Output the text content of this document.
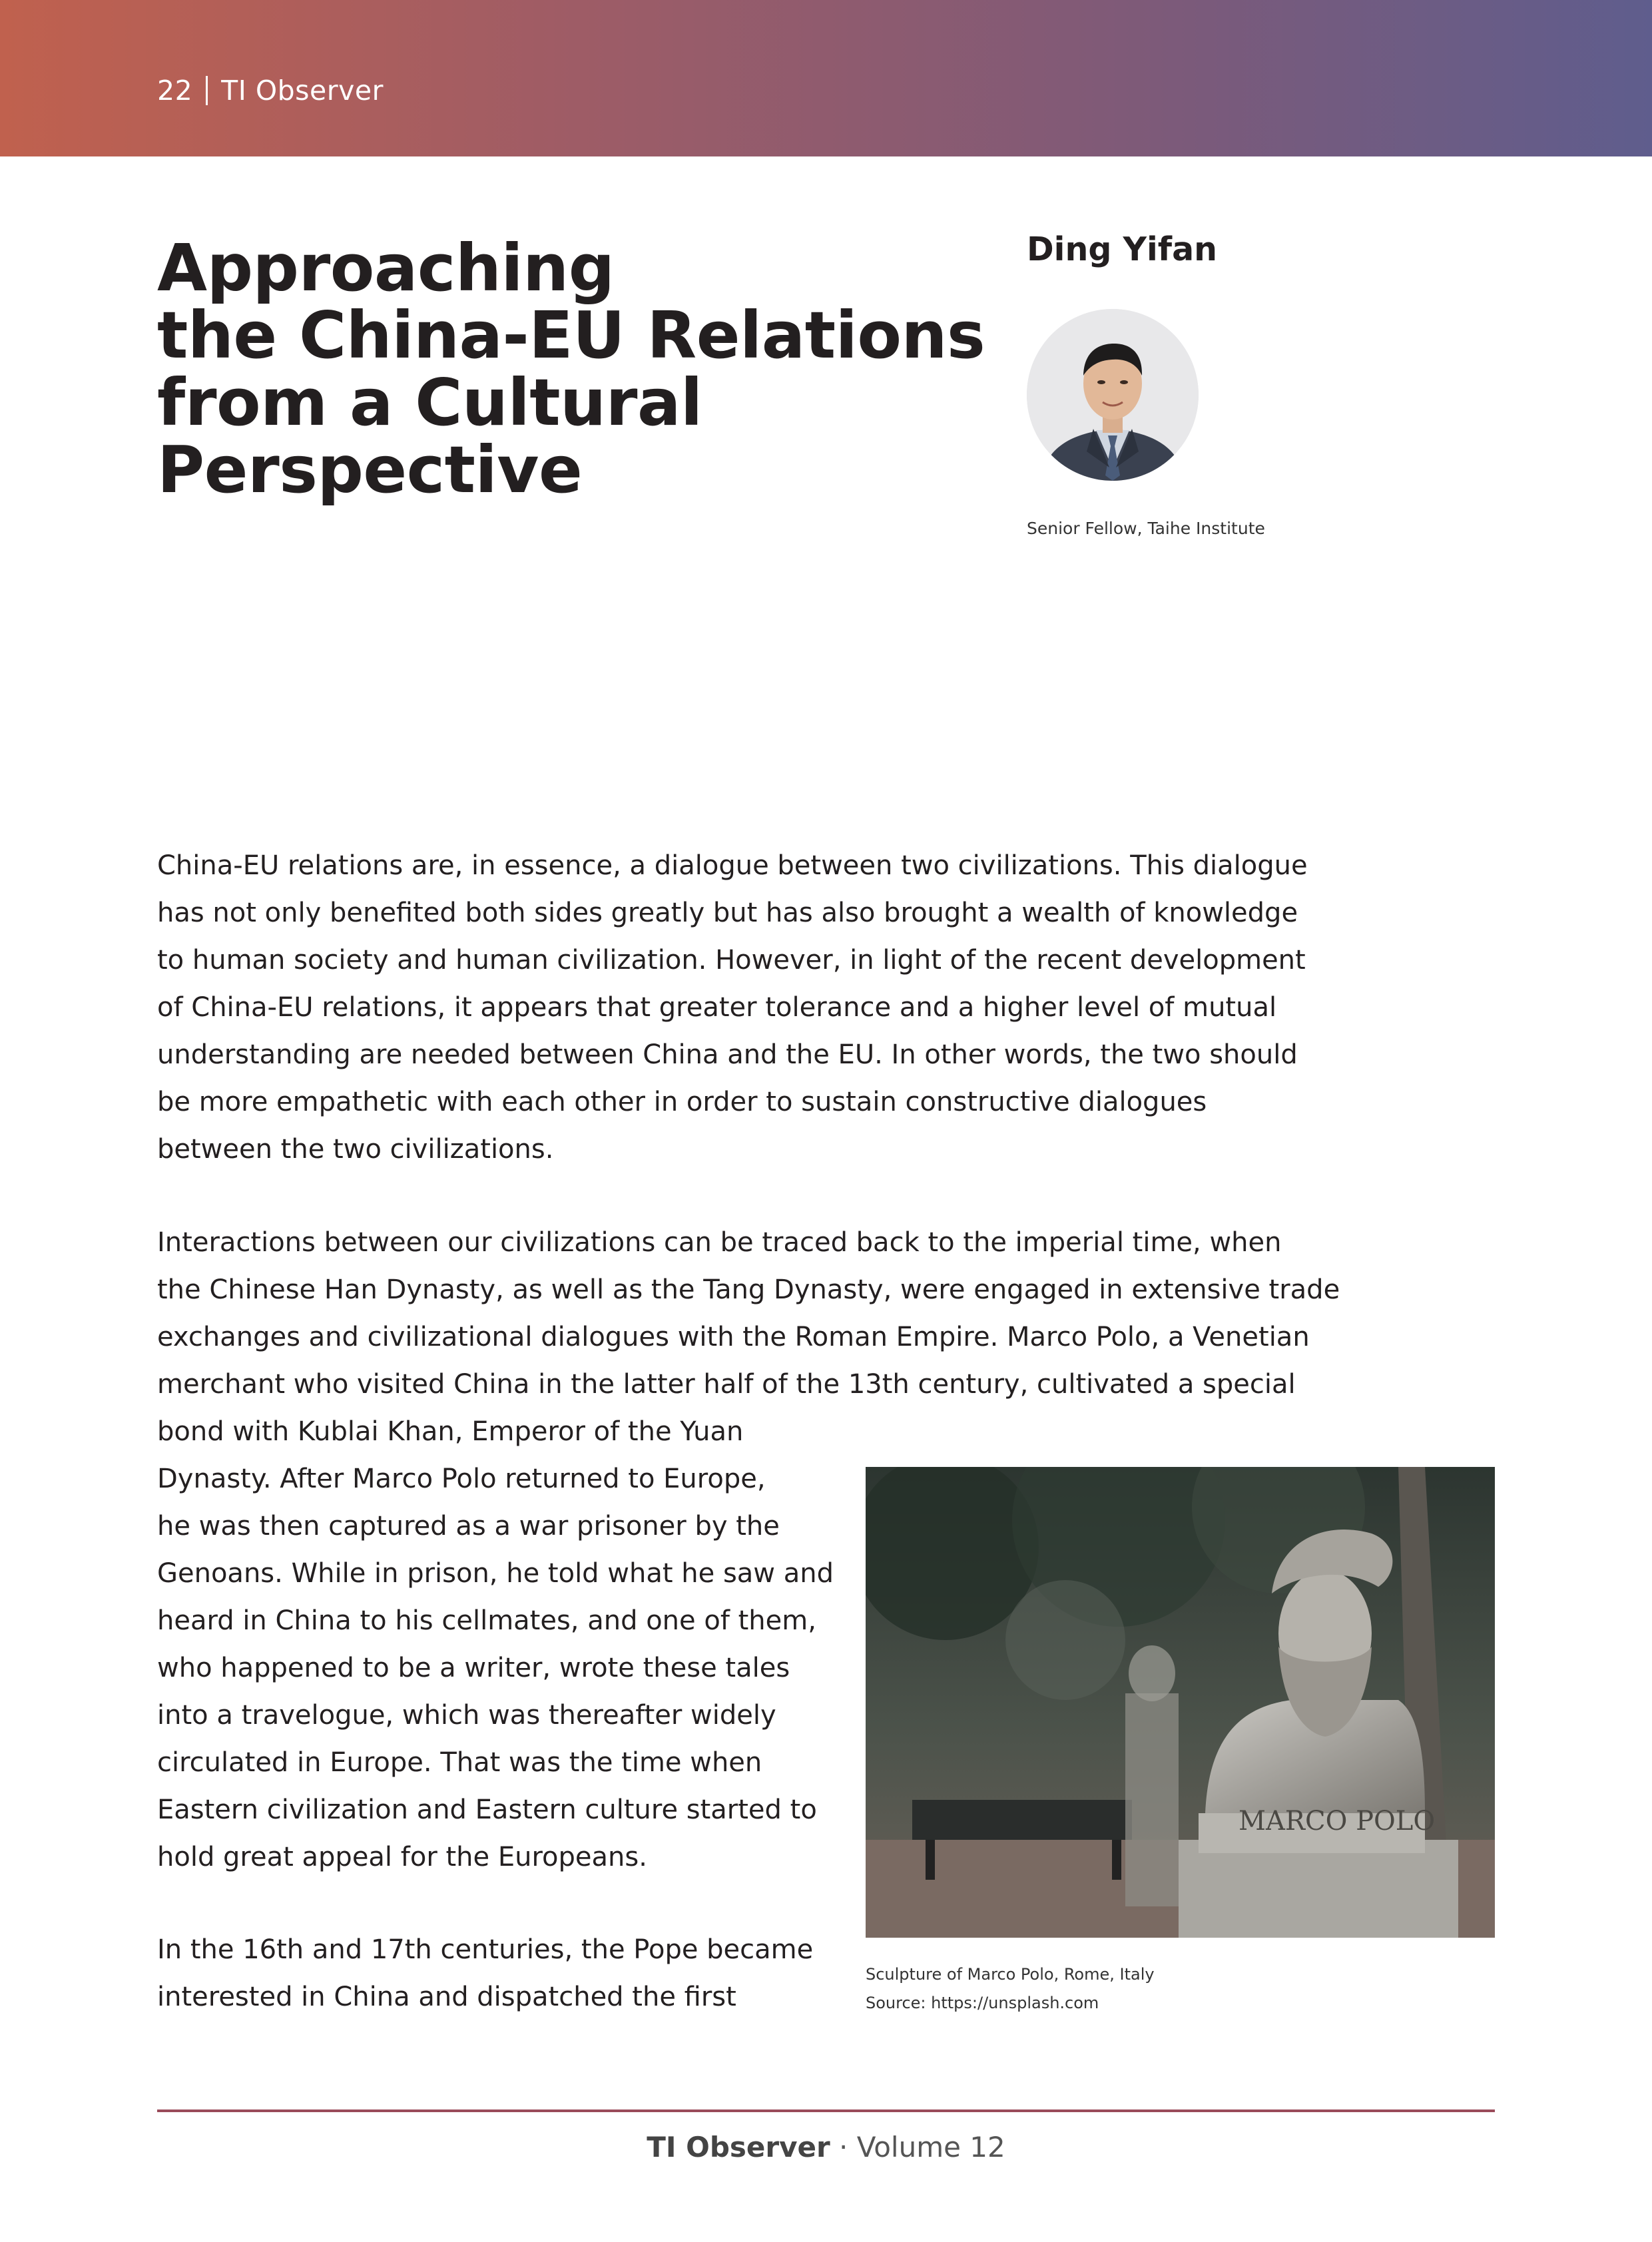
22 TI Observer
Approaching
the China-EU Relations
from a Cultural
Perspective
Ding Yifan
Senior Fellow, Taihe Institute
China-EU relations are, in essence, a dialogue between two civilizations. This dialogue
has not only benefited both sides greatly but has also brought a wealth of knowledge
to human society and human civilization. However, in light of the recent development
of China-EU relations, it appears that greater tolerance and a higher level of mutual
understanding are needed between China and the EU. In other words, the two should
be more empathetic with each other in order to sustain constructive dialogues
between the two civilizations.
Interactions between our civilizations can be traced back to the imperial time, when
the Chinese Han Dynasty, as well as the Tang Dynasty, were engaged in extensive trade
exchanges and civilizational dialogues with the Roman Empire. Marco Polo, a Venetian
merchant who visited China in the latter half of the 13th century, cultivated a special
bond with Kublai Khan, Emperor of the Yuan
Dynasty. After Marco Polo returned to Europe,
he was then captured as a war prisoner by the
Genoans. While in prison, he told what he saw and
heard in China to his cellmates, and one of them,
who happened to be a writer, wrote these tales
into a travelogue, which was thereafter widely
circulated in Europe. That was the time when
Eastern civilization and Eastern culture started to
hold great appeal for the Europeans.
In the 16th and 17th centuries, the Pope became
interested in China and dispatched the first
MARCO POLO
Sculpture of Marco Polo, Rome, Italy
Source: https://unsplash.com
TI Observer · Volume 12
